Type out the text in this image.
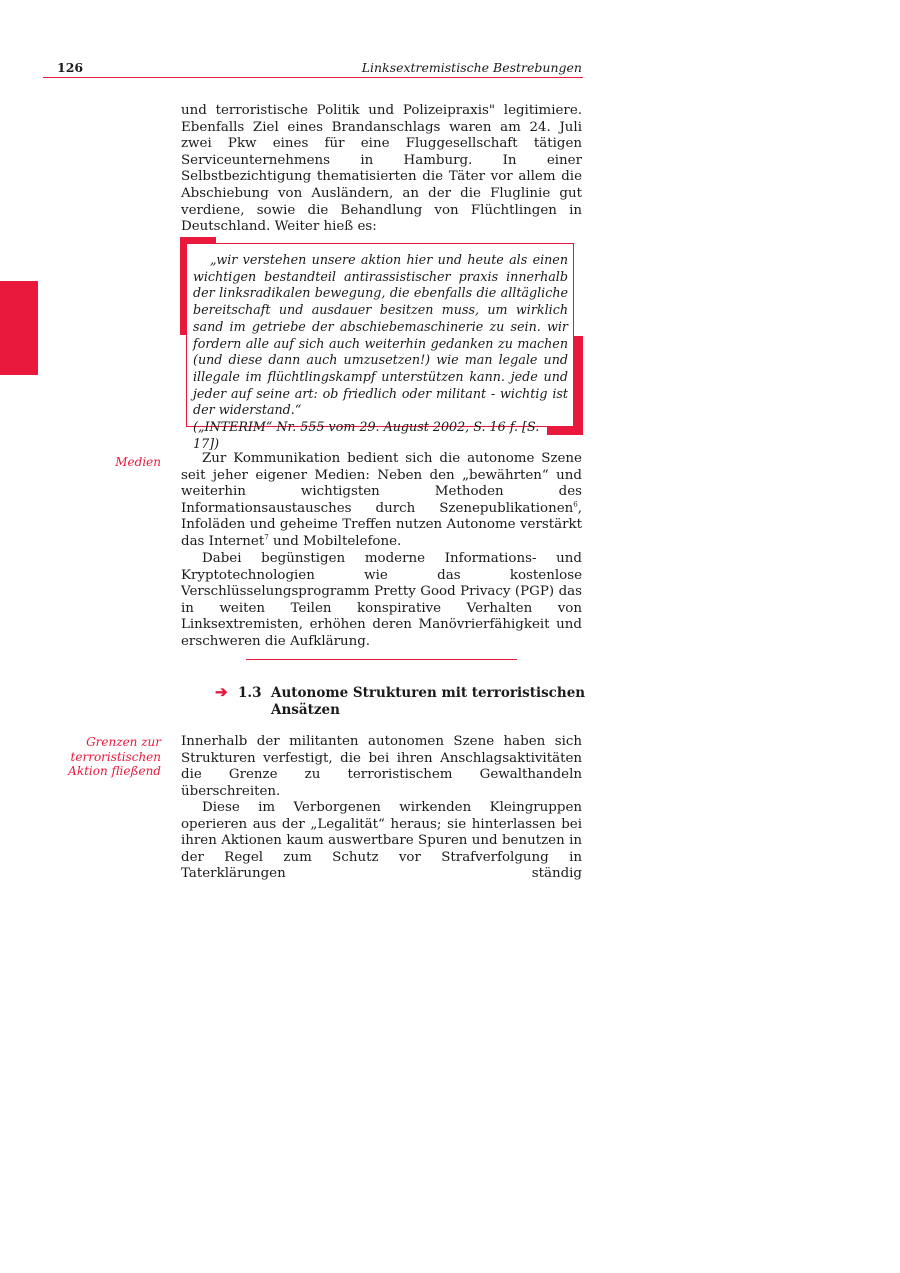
126	Linksextremistische Bestrebungen

und terroristische Politik und Polizeipraxis" legitimiere. Ebenfalls Ziel eines Brandanschlags waren am 24. Juli zwei Pkw eines für eine Fluggesellschaft tätigen Serviceunternehmens in Hamburg. In einer Selbstbezichtigung thematisierten die Täter vor allem die Abschiebung von Ausländern, an der die Fluglinie gut verdiene, sowie die Behandlung von Flüchtlingen in Deutschland. Weiter hieß es:

„wir verstehen unsere aktion hier und heute als einen wichtigen bestandteil antirassistischer praxis innerhalb der linksradikalen bewegung, die ebenfalls die alltägliche bereitschaft und ausdauer besitzen muss, um wirklich sand im getriebe der abschiebemaschinerie zu sein. wir fordern alle auf sich auch weiterhin gedanken zu machen (und diese dann auch umzusetzen!) wie man legale und illegale im flüchtlingskampf unterstützen kann. jede und jeder auf seine art: ob friedlich oder militant - wichtig ist der widerstand.“

(„INTERIM“ Nr. 555 vom 29. August 2002, S. 16 f. [S. 17])

Medien	Zur Kommunikation bedient sich die autonome Szene seit jeher eigener Medien: Neben den „bewährten“ und weiterhin wichtigsten Methoden des Informationsaustausches durch Szenepublikationen$^6$, Infoläden und geheime Treffen nutzen Autonome verstärkt das Internet$^7$ und Mobiltelefone.

Dabei begünstigen moderne Informations- und Kryptotechnologien wie das kostenlose Verschlüsselungsprogramm Pretty Good Privacy (PGP) das in weiten Teilen konspirative Verhalten von Linksextremisten, erhöhen deren Manövrierfähigkeit und erschweren die Aufklärung.

➔ 1.3 Autonome Strukturen mit terroristischen Ansätzen
Grenzen zur terroristischen Aktion fließend

Innerhalb der militanten autonomen Szene haben sich Strukturen verfestigt, die bei ihren Anschlagsaktivitäten die Grenze zu terroristischem Gewalthandeln überschreiten.

Diese im Verborgenen wirkenden Kleingruppen operieren aus der „Legalität“ heraus; sie hinterlassen bei ihren Aktionen kaum auswertbare Spuren und benutzen in der Regel zum Schutz vor Strafverfolgung in Taterklärungen ständig
